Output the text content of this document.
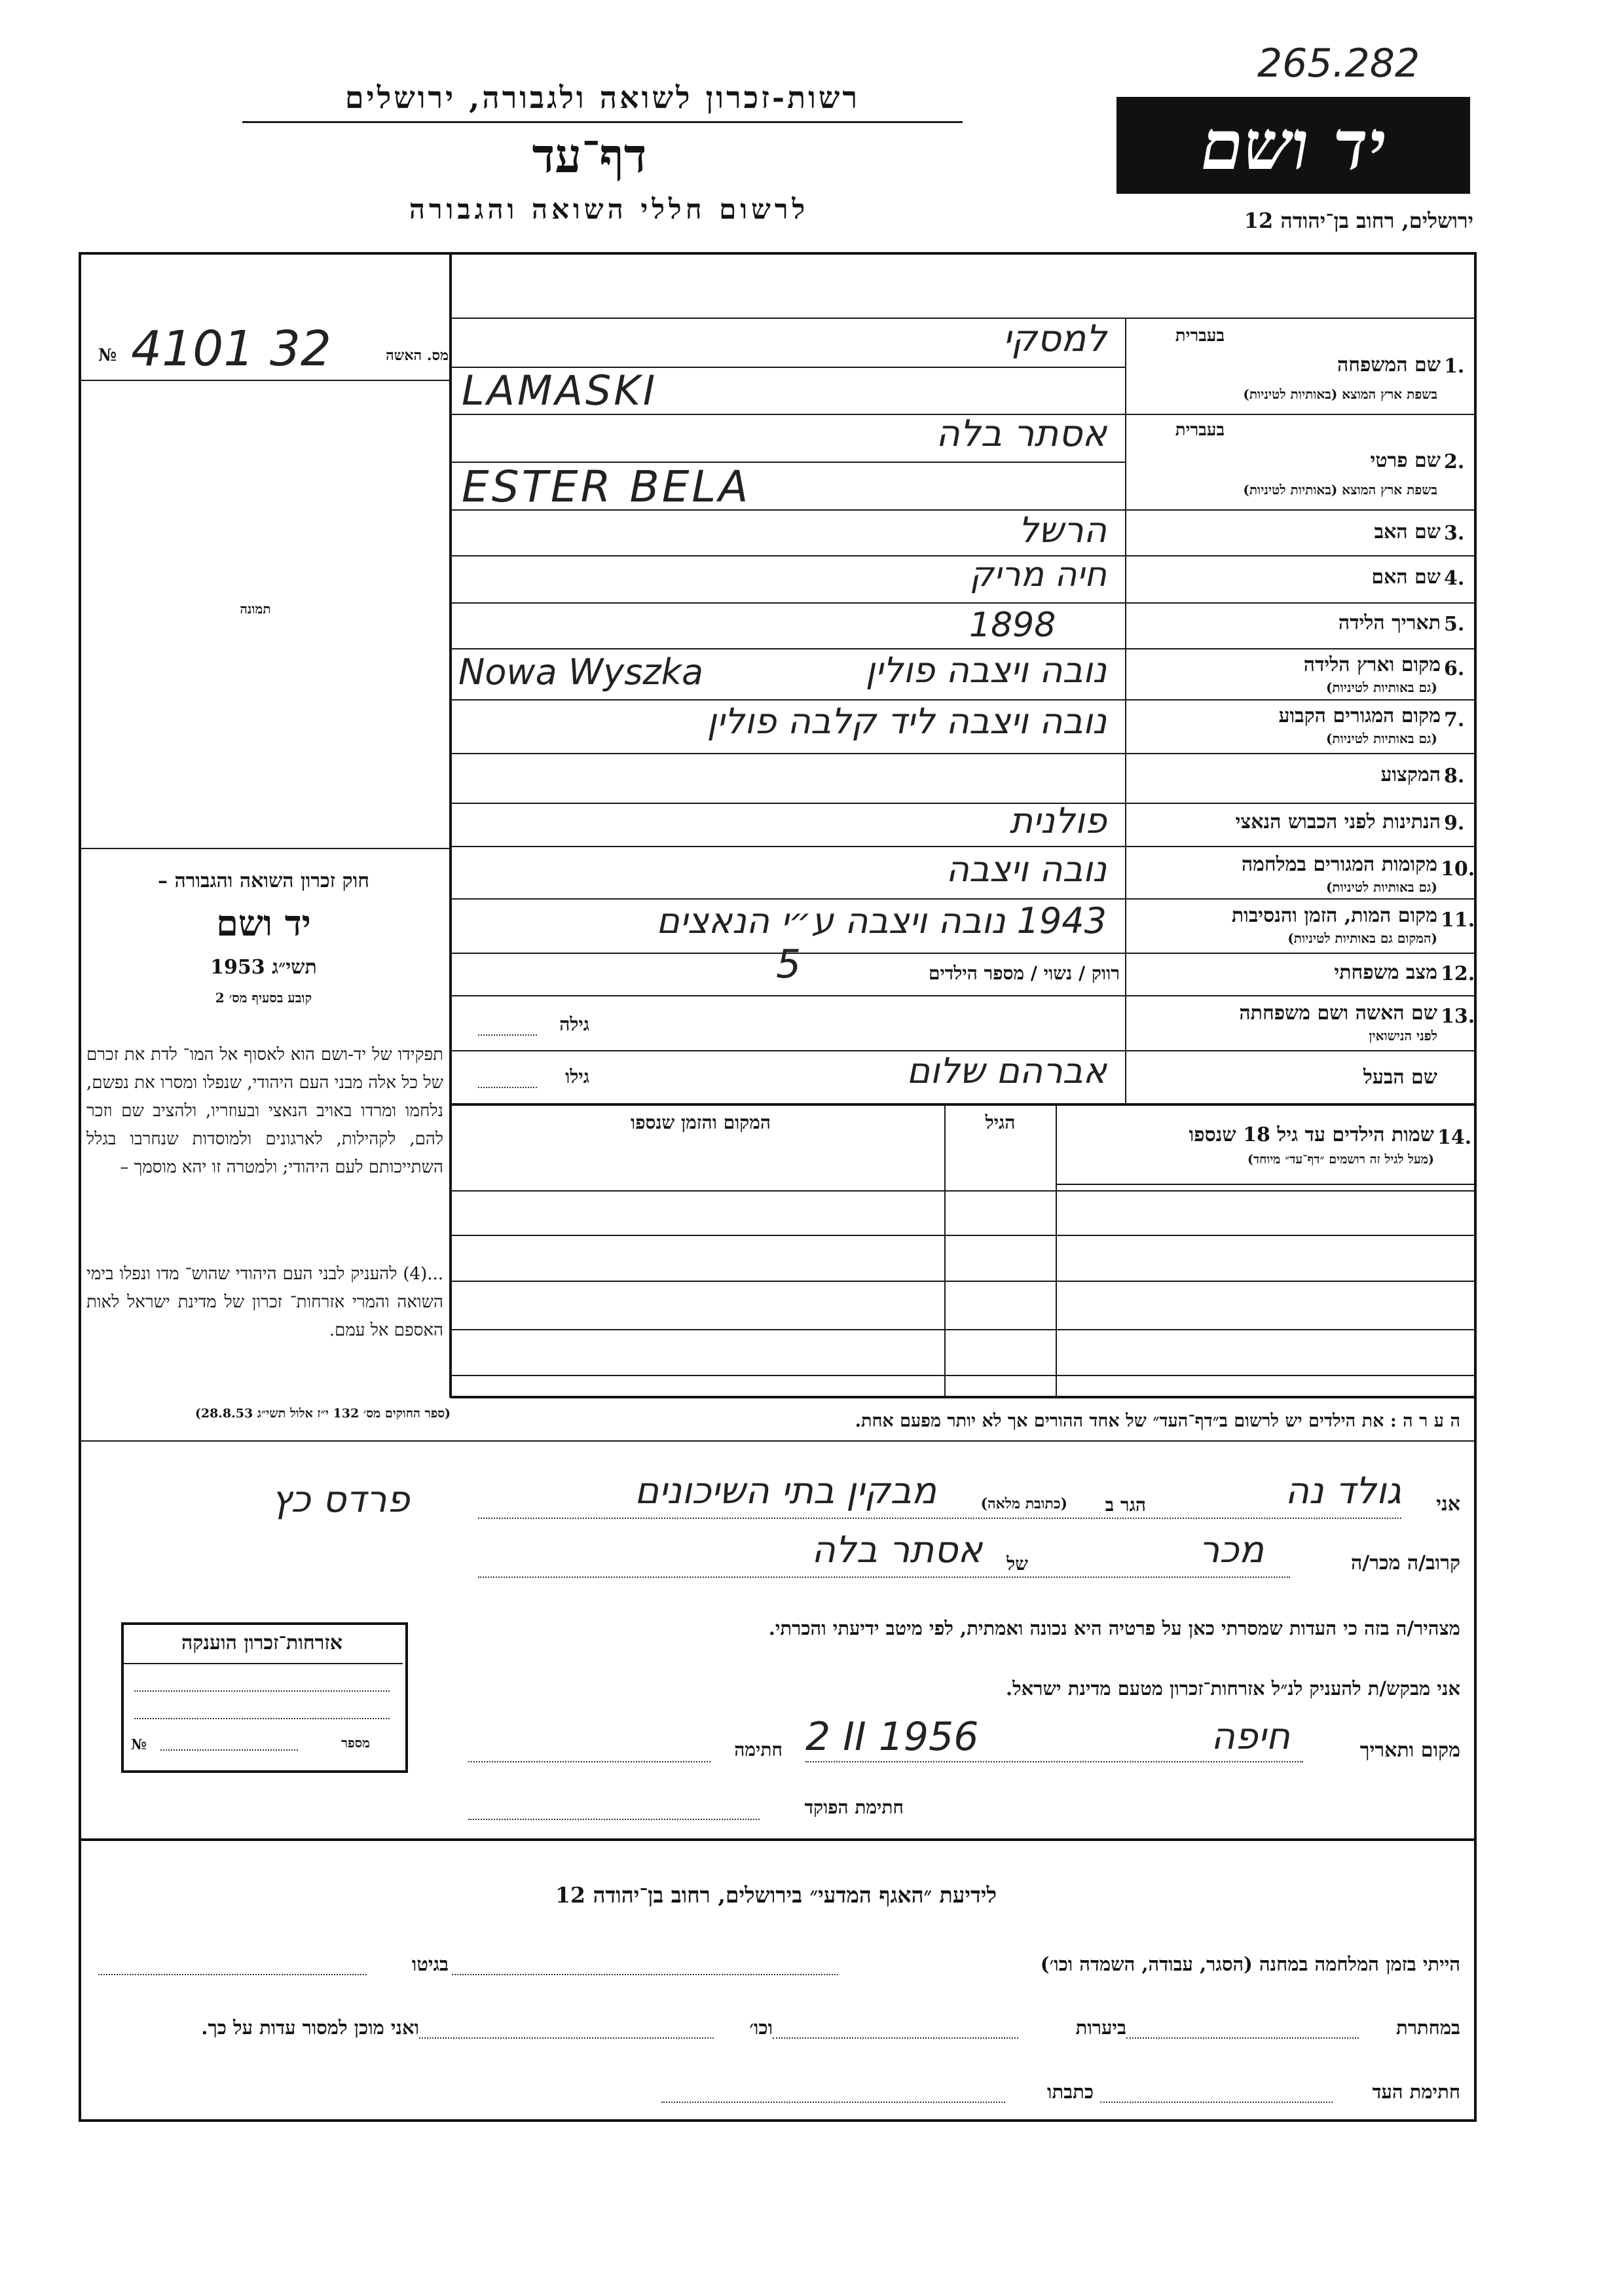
265.282
רשות-זכרון לשואה ולגבורה, ירושלים
דף־עד
לרשום חללי השואה והגבורה
יד ושם
ירושלים, רחוב בן־יהודה 12
№ 4101 32	מס. האשה
תמונה
חוק זכרון השואה והגבורה –
יד ושם
תשי״ג 1953
קובע בסעיף מס׳ 2
תפקידו של יד-ושם הוא לאסוף אל המו־ לדת את זכרם של כל אלה מבני העם היהודי, שנפלו ומסרו את נפשם, נלחמו ומרדו באויב הנאצי ובעוזריו, ולהציב שם וזכר להם, לקהילות, לארגונים ולמוסדות שנחרבו בגלל השתייכותם לעם היהודי; ולמטרה זו יהא מוסמך –
...(4) להעניק לבני העם היהודי שהוש־ מדו ונפלו בימי השואה והמרי אזרחות־ זכרון של מדינת ישראל לאות האספם אל עמם.
(ספר החוקים מס׳ 132 י״ז אלול תשי״ג 28.8.53)
אזרחות־זכרון הוענקה
מספר
№
בעברית
1.
שם המשפחה
בשפת ארץ המוצא (באותיות לטיניות)
למסקי
LAMASKI
בעברית
2.
שם פרטי
בשפת ארץ המוצא (באותיות לטיניות)
אסתר בלה
ESTER BELA
3.
שם האב
הרשל
4.
שם האם
חיה מריק
5.
תאריך הלידה
1898
6.
מקום וארץ הלידה
(גם באותיות לטיניות)
נובה ויצבה פולין
Nowa Wyszka
7.
מקום המגורים הקבוע
(גם באותיות לטיניות)
נובה ויצבה ליד קלבה פולין
8.
המקצוע
9.
הנתינות לפני הכבוש הנאצי
פולנית
10.
מקומות המגורים במלחמה
(גם באותיות לטיניות)
נובה ויצבה
11.
מקום המות, הזמן והנסיבות
(המקום גם באותיות לטיניות)
1943 נובה ויצבה ע״י הנאצים
12.
מצב משפחתי
רווק / נשוי / מספר הילדים
5
13.
שם האשה ושם משפחתה
לפני הנישואין
גילה
שם הבעל
גילו	אברהם שלום
14.
שמות הילדים עד גיל 18 שנספו
(מעל לגיל זה רושמים ״דף־עד״ מיוחד)
הגיל
המקום והזמן שנספו
ה ע ר ה : את הילדים יש לרשום ב״דף־העד״ של אחד ההורים אך לא יותר מפעם אחת.
אני
גולד נה
הגר ב
(כתובת מלאה)
מבקין בתי השיכונים
פרדס כץ
קרוב/ה מכר/ה
מכר
של
אסתר בלה
מצהיר/ה בזה כי העדות שמסרתי כאן על פרטיה היא נכונה ואמתית, לפי מיטב ידיעתי והכרתי.
אני מבקש/ת להעניק לנ״ל אזרחות־זכרון מטעם מדינת ישראל.
מקום ותאריך
חיפה
2 II 1956
חתימה
חתימת הפוקד
לידיעת ״האגף המדעי״ בירושלים, רחוב בן־יהודה 12
הייתי בזמן המלחמה במחנה (הסגר, עבודה, השמדה וכו׳)
בגיטו
במחתרת
ביערות
וכו׳
ואני מוכן למסור עדות על כך.
חתימת העד
כתבתו
